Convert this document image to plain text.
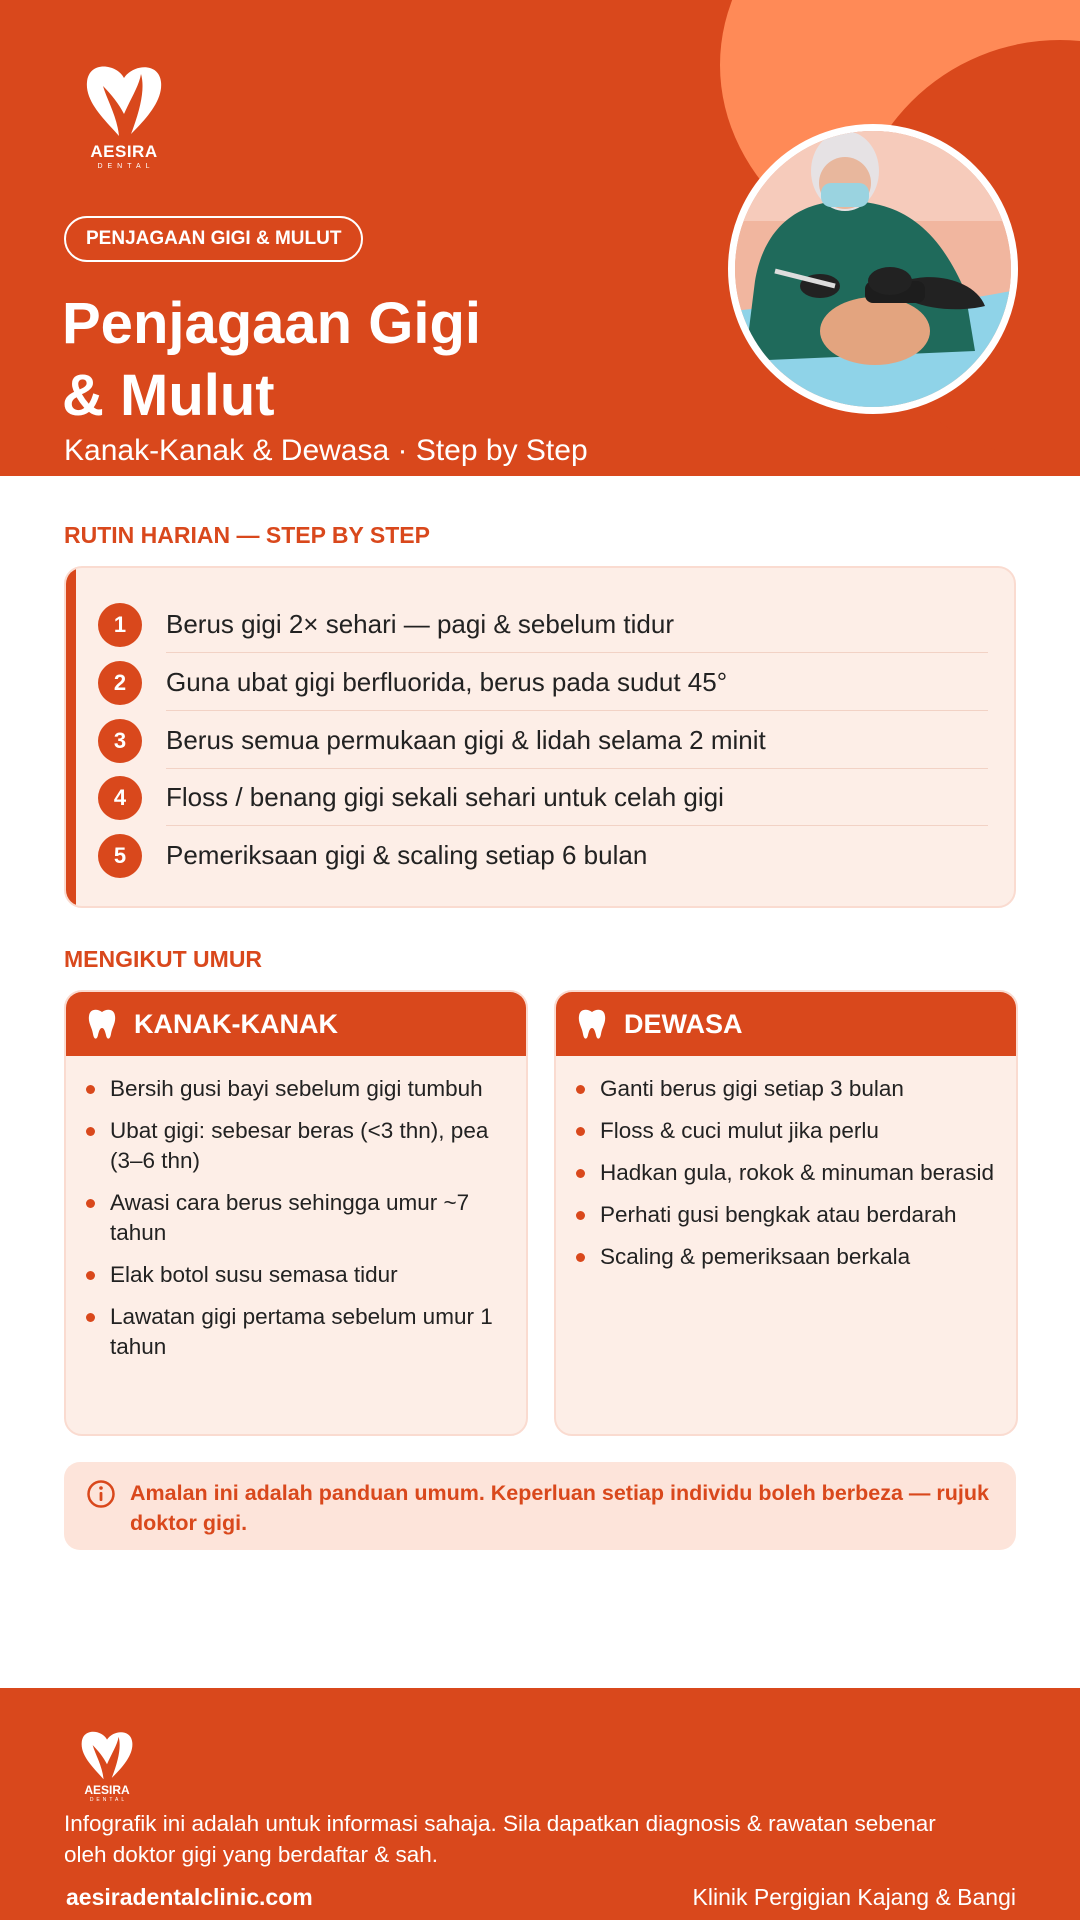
AESIRA
DENTAL
PENJAGAAN GIGI & MULUT
Penjagaan Gigi
& Mulut
Kanak-Kanak & Dewasa · Step by Step
RUTIN HARIAN — STEP BY STEP
1	Berus gigi 2× sehari — pagi & sebelum tidur
2	Guna ubat gigi berfluorida, berus pada sudut 45°
3	Berus semua permukaan gigi & lidah selama 2 minit
4	Floss / benang gigi sekali sehari untuk celah gigi
5	Pemeriksaan gigi & scaling setiap 6 bulan
MENGIKUT UMUR
KANAK-KANAK
Bersih gusi bayi sebelum gigi tumbuh
Ubat gigi: sebesar beras (<3 thn), pea (3–6 thn)
Awasi cara berus sehingga umur ~7 tahun
Elak botol susu semasa tidur
Lawatan gigi pertama sebelum umur 1 tahun
DEWASA
Ganti berus gigi setiap 3 bulan
Floss & cuci mulut jika perlu
Hadkan gula, rokok & minuman berasid
Perhati gusi bengkak atau berdarah
Scaling & pemeriksaan berkala
Amalan ini adalah panduan umum. Keperluan setiap individu boleh berbeza — rujuk doktor gigi.
AESIRA
DENTAL
Infografik ini adalah untuk informasi sahaja. Sila dapatkan diagnosis & rawatan sebenar oleh doktor gigi yang berdaftar & sah.
aesiradentalclinic.com	Klinik Pergigian Kajang & Bangi
